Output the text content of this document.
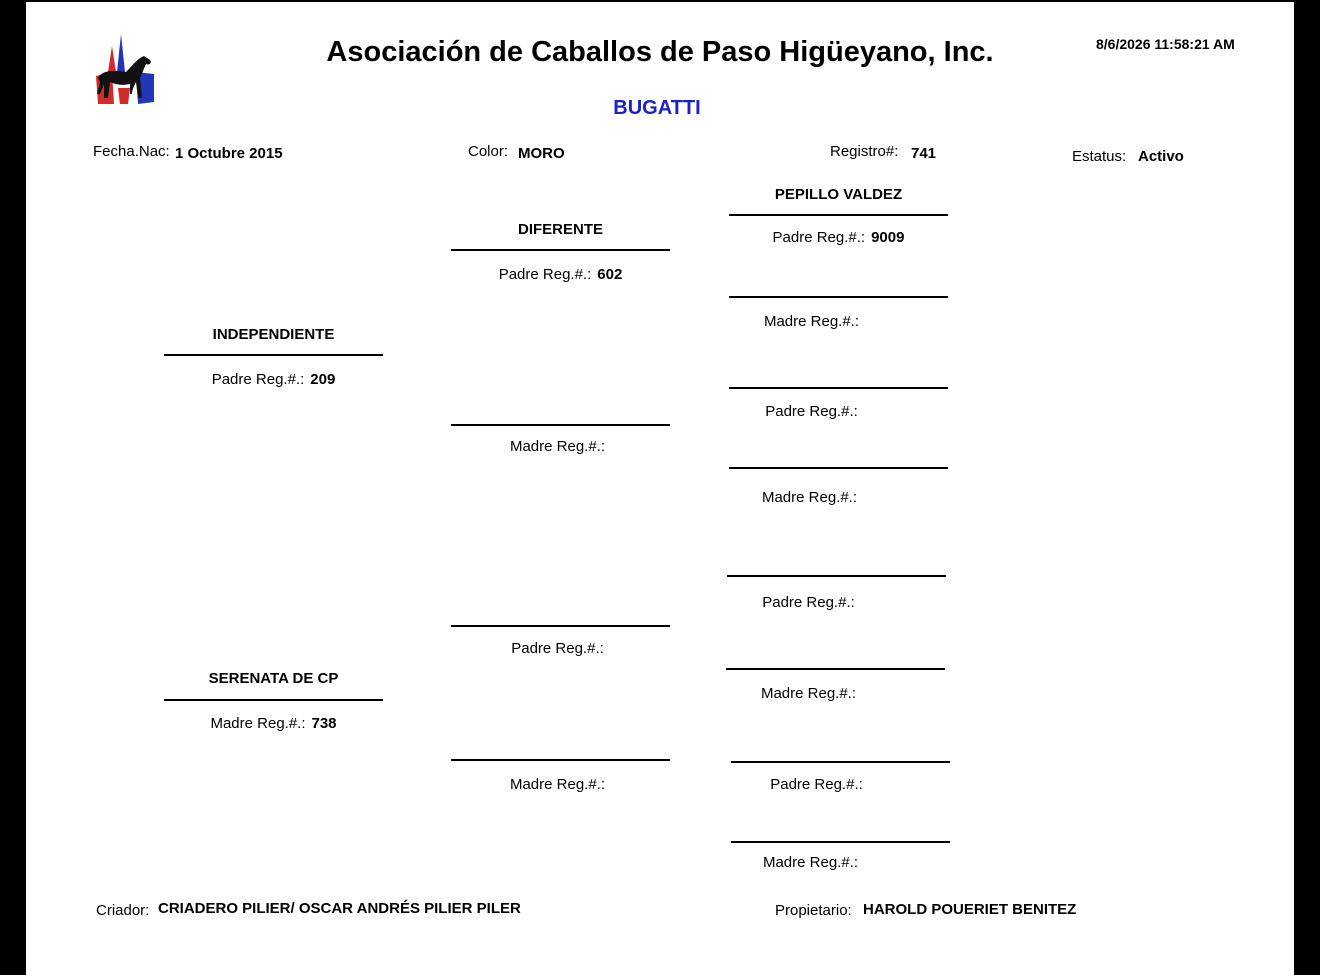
Asociación de Caballos de Paso Higüeyano, Inc.	8/6/2026 11:58:21 AM
BUGATTI
Fecha.Nac: 1 Octubre 2015	Color: MORO	Registro#: 741	Estatus: Activo
INDEPENDIENTE
Padre Reg.#.: 209
SERENATA DE CP
Madre Reg.#.: 738
DIFERENTE
Padre Reg.#.: 602
Madre Reg.#.:
Padre Reg.#.:
Madre Reg.#.:
PEPILLO VALDEZ
Padre Reg.#.: 9009
Madre Reg.#.:
Padre Reg.#.:
Madre Reg.#.:
Padre Reg.#.:
Madre Reg.#.:
Padre Reg.#.:
Madre Reg.#.:
Criador: CRIADERO PILIER/ OSCAR ANDRÉS PILIER PILER	Propietario: HAROLD POUERIET BENITEZ
